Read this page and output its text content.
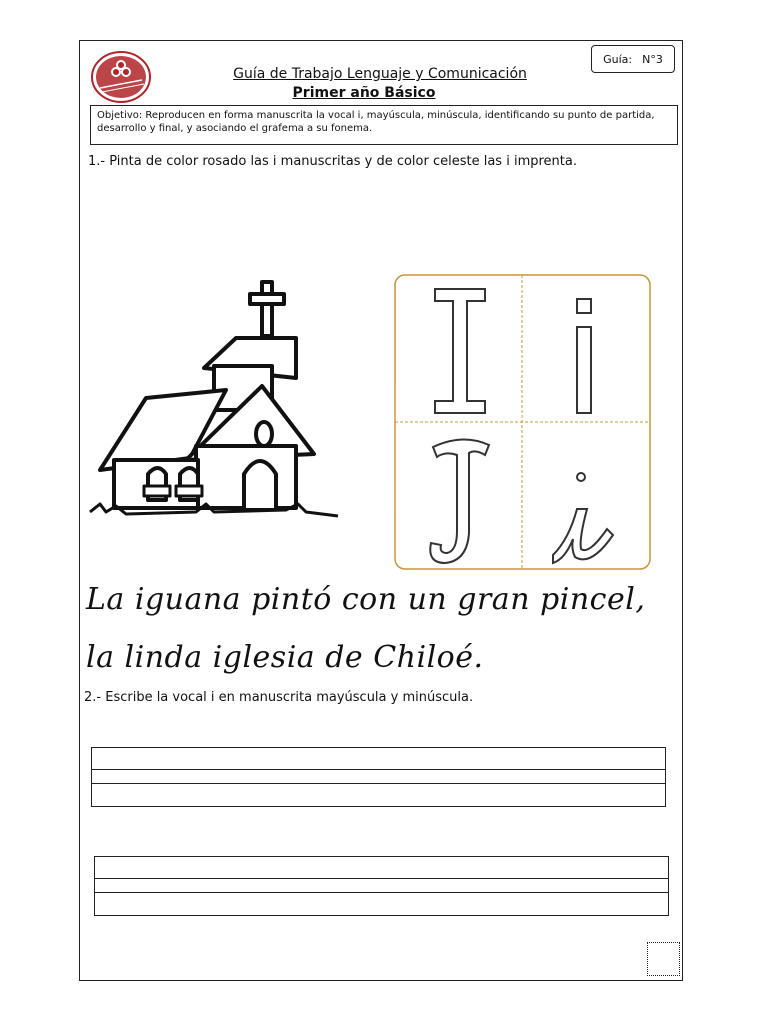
Guía: N°3
Guía de Trabajo Lenguaje y Comunicación
Primer año Básico
Objetivo: Reproducen en forma manuscrita la vocal i, mayúscula, minúscula, identificando su punto de partida, desarrollo y final, y asociando el grafema a su fonema.
1.- Pinta de color rosado las i manuscritas y de color celeste las i imprenta.
La iguana pintó con un gran pincel,
la linda iglesia de Chiloé.
2.- Escribe la vocal i en manuscrita mayúscula y minúscula.
